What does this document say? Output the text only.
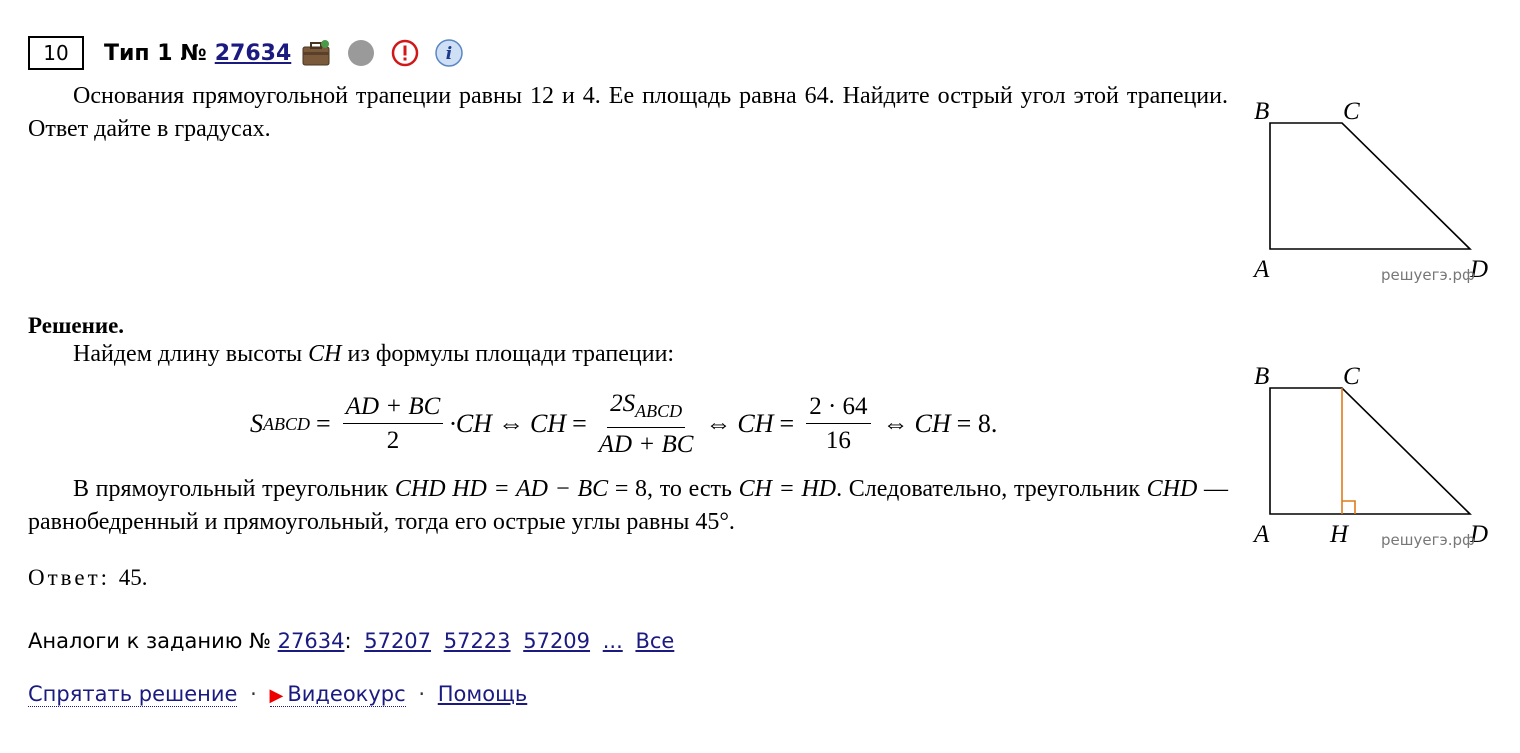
10 Тип 1 № 27634	i

Основания прямоугольной трапеции равны 12 и 4. Ее площадь равна 64. Найдите острый угол этой трапеции. Ответ дайте в градусах.

B	C
A	D
решуегэ.рф
Решение.
Найдем длину высоты CH из формулы площади трапеции:
S ABCD = $\frac{AD + BC}{2} \cdot CH$ ⇔ CH = $\frac{2S_{ABCD}}{AD + BC}$ ⇔ CH = $\frac{2 \cdot 64}{16}$ ⇔ CH = 8.

В прямоугольный треугольник CHD HD = AD − BC = 8, то есть CH = HD. Следовательно, треугольник CHD — равнобедренный и прямоугольный, тогда его острые углы равны 45°.

B	C
A H	D
решуегэ.рф
Ответ: 45.
Аналоги к заданию № 27634: 57207 57223 57209 ... Все
Спрятать решение · ▶ Видеокурс · Помощь
